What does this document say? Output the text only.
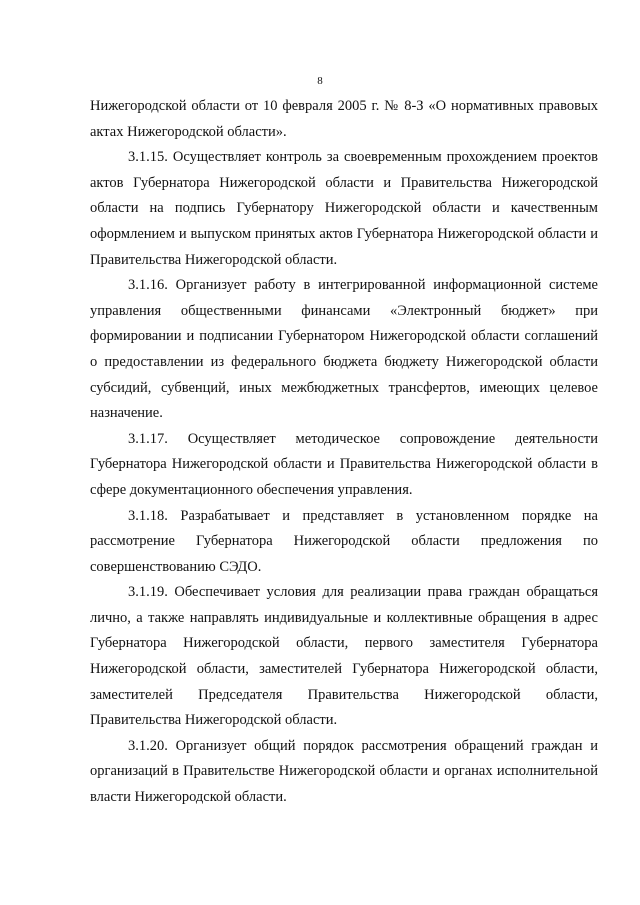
8

Нижегородской области от 10 февраля 2005 г. № 8-З «О нормативных правовых актах Нижегородской области».

3.1.15. Осуществляет контроль за своевременным прохождением проектов актов Губернатора Нижегородской области и Правительства Нижегородской области на подпись Губернатору Нижегородской области и качественным оформлением и выпуском принятых актов Губернатора Нижегородской области и Правительства Нижегородской области.

3.1.16. Организует работу в интегрированной информационной системе управления общественными финансами «Электронный бюджет» при формировании и подписании Губернатором Нижегородской области соглашений о предоставлении из федерального бюджета бюджету Нижегородской области субсидий, субвенций, иных межбюджетных трансфертов, имеющих целевое назначение.

3.1.17. Осуществляет методическое сопровождение деятельности Губернатора Нижегородской области и Правительства Нижегородской области в сфере документационного обеспечения управления.

3.1.18. Разрабатывает и представляет в установленном порядке на рассмотрение Губернатора Нижегородской области предложения по совершенствованию СЭДО.

3.1.19. Обеспечивает условия для реализации права граждан обращаться лично, а также направлять индивидуальные и коллективные обращения в адрес Губернатора Нижегородской области, первого заместителя Губернатора Нижегородской области, заместителей Губернатора Нижегородской области, заместителей Председателя Правительства Нижегородской области, Правительства Нижегородской области.

3.1.20. Организует общий порядок рассмотрения обращений граждан и организаций в Правительстве Нижегородской области и органах исполнительной власти Нижегородской области.
